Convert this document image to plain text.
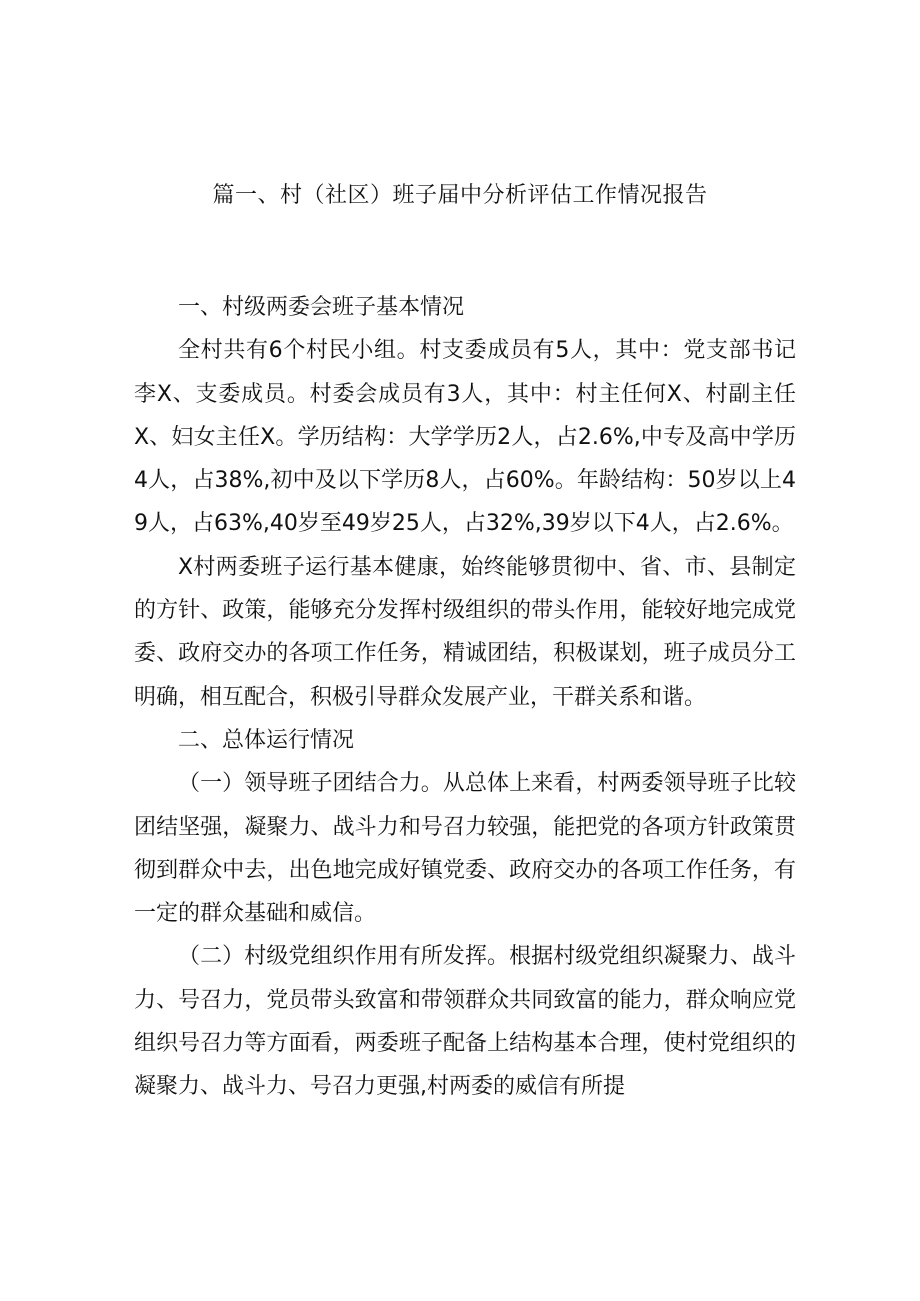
篇一、村（社区）班子届中分析评估工作情况报告
一、村级两委会班子基本情况

全村共有6个村民小组。村支委成员有5人，其中：党支部书记李X、支委成员。村委会成员有3人，其中：村主任何X、村副主任X、妇女主任X。学历结构：大学学历2人，占2.6%,中专及高中学历4人，占38%,初中及以下学历8人，占60%。年龄结构：50岁以上49人，占63%,40岁至49岁25人，占32%,39岁以下4人，占2.6%。

X村两委班子运行基本健康，始终能够贯彻中、省、市、县制定的方针、政策，能够充分发挥村级组织的带头作用，能较好地完成党委、政府交办的各项工作任务，精诚团结，积极谋划，班子成员分工明确，相互配合，积极引导群众发展产业，干群关系和谐。

二、总体运行情况

（一）领导班子团结合力。从总体上来看，村两委领导班子比较团结坚强，凝聚力、战斗力和号召力较强，能把党的各项方针政策贯彻到群众中去，出色地完成好镇党委、政府交办的各项工作任务，有一定的群众基础和威信。

（二）村级党组织作用有所发挥。根据村级党组织凝聚力、战斗力、号召力，党员带头致富和带领群众共同致富的能力，群众响应党组织号召力等方面看，两委班子配备上结构基本合理，使村党组织的凝聚力、战斗力、号召力更强,村两委的威信有所提
